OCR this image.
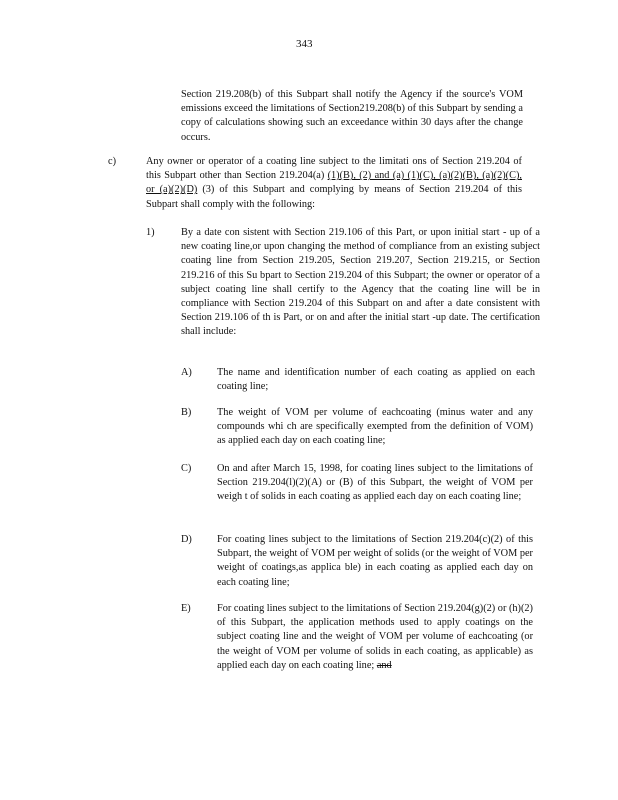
343

Section 219.208(b) of this Subpart shall notify the Agency if the source's VOM emissions exceed the limitations of Section219.208(b) of this Subpart by sending a copy of calculations showing such an exceedance within 30 days after the change occurs.

c)	Any owner or operator of a coating line subject to the limitati ons of Section 219.204 of this Subpart other than Section 219.204(a) (1)(B), (2) and (a) (1)(C), (a)(2)(B), (a)(2)(C), or (a)(2)(D) (3) of this Subpart and complying by means of Section 219.204 of this Subpart shall comply with the following:

1)	By a date con sistent with Section 219.106 of this Part, or upon initial start - up of a new coating line,or upon changing the method of compliance from an existing subject coating line from Section 219.205, Section 219.207, Section 219.215, or Section 219.216 of this Su bpart to Section 219.204 of this Subpart; the owner or operator of a subject coating line shall certify to the Agency that the coating line will be in compliance with Section 219.204 of this Subpart on and after a date consistent with Section 219.106 of th is Part, or on and after the initial start -up date. The certification shall include:

A) The name and identification number of each coating as applied on each coating line;

B) The weight of VOM per volume of eachcoating (minus water and any compounds whi ch are specifically exempted from the definition of VOM) as applied each day on each coating line;

C) On and after March 15, 1998, for coating lines subject to the limitations of Section 219.204(l)(2)(A) or (B) of this Subpart, the weight of VOM per weigh t of solids in each coating as applied each day on each coating line;

D) For coating lines subject to the limitations of Section 219.204(c)(2) of this Subpart, the weight of VOM per weight of solids (or the weight of VOM per weight of coatings,as applica ble) in each coating as applied each day on each coating line;

E)	For coating lines subject to the limitations of Section 219.204(g)(2) or (h)(2) of this Subpart, the application methods used to apply coatings on the subject coating line and the weight of VOM per volume of eachcoating (or the weight of VOM per volume of solids in each coating, as applicable) as applied each day on each coating line; and
